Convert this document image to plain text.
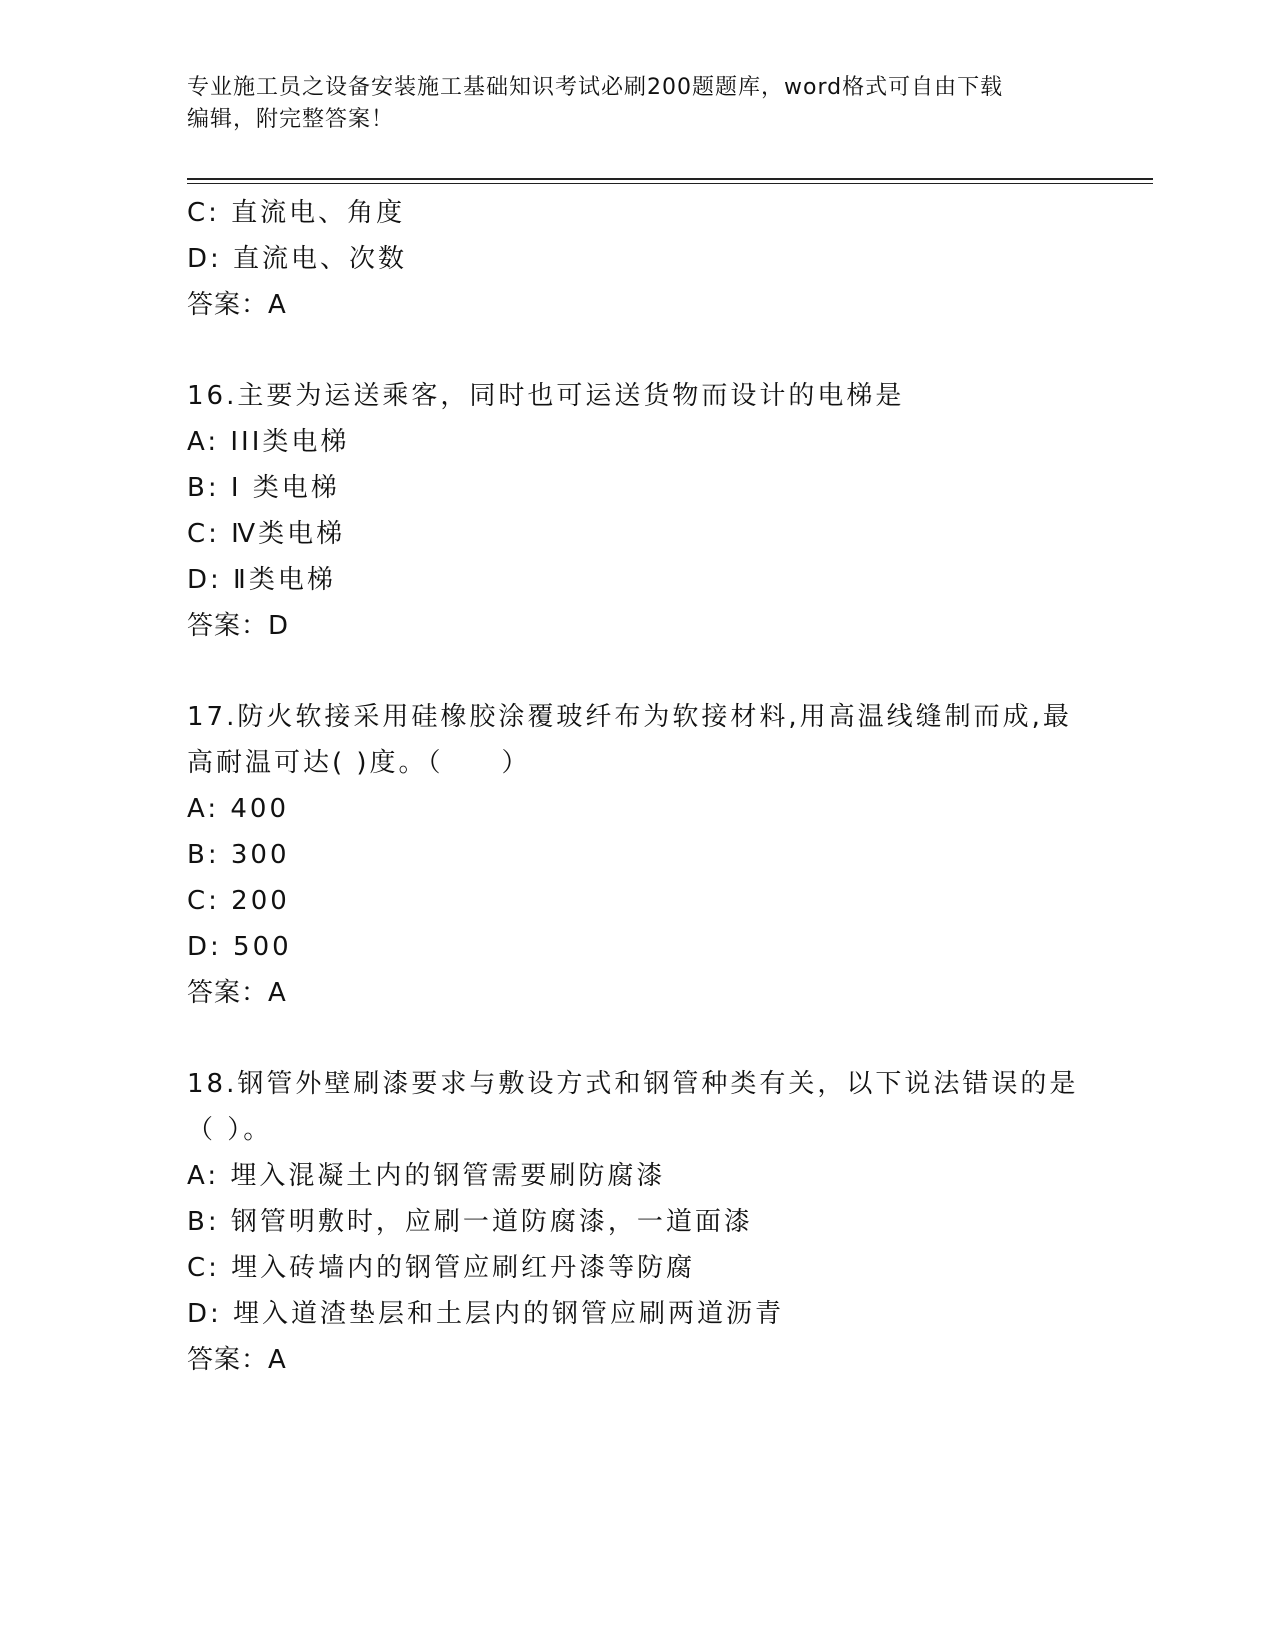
专业施工员之设备安装施工基础知识考试必刷200题题库，word格式可自由下载
编辑，附完整答案！
C: 直流电、角度
D: 直流电、次数
答案：A
16.主要为运送乘客，同时也可运送货物而设计的电梯是
A: III类电梯
B: I 类电梯
C: Ⅳ类电梯
D: Ⅱ类电梯
答案：D
17.防火软接采用硅橡胶涂覆玻纤布为软接材料,用高温线缝制而成,最
高耐温可达( )度。（　　）
A: 400
B: 300
C: 200
D: 500
答案：A
18.钢管外壁刷漆要求与敷设方式和钢管种类有关，以下说法错误的是
（ ）。
A: 埋入混凝土内的钢管需要刷防腐漆
B: 钢管明敷时，应刷一道防腐漆，一道面漆
C: 埋入砖墙内的钢管应刷红丹漆等防腐
D: 埋入道渣垫层和土层内的钢管应刷两道沥青
答案：A
